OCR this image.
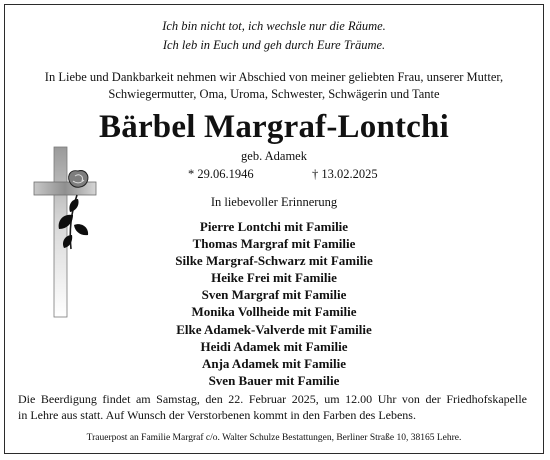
Ich bin nicht tot, ich wechsle nur die Räume.
Ich leb in Euch und geh durch Eure Träume.
In Liebe und Dankbarkeit nehmen wir Abschied von meiner geliebten Frau, unserer Mutter,
Schwiegermutter, Oma, Uroma, Schwester, Schwägerin und Tante
Bärbel Margraf-Lontchi
geb. Adamek
* 29.06.1946	† 13.02.2025
In liebevoller Erinnerung
Pierre Lontchi mit Familie
Thomas Margraf mit Familie
Silke Margraf-Schwarz mit Familie
Heike Frei mit Familie
Sven Margraf mit Familie
Monika Vollheide mit Familie
Elke Adamek-Valverde mit Familie
Heidi Adamek mit Familie
Anja Adamek mit Familie
Sven Bauer mit Familie
Die Beerdigung findet am Samstag, den 22. Februar 2025, um 12.00 Uhr von der Friedhofskapelle
in Lehre aus statt. Auf Wunsch der Verstorbenen kommt in den Farben des Lebens.
Trauerpost an Familie Margraf c/o. Walter Schulze Bestattungen, Berliner Straße 10, 38165 Lehre.
